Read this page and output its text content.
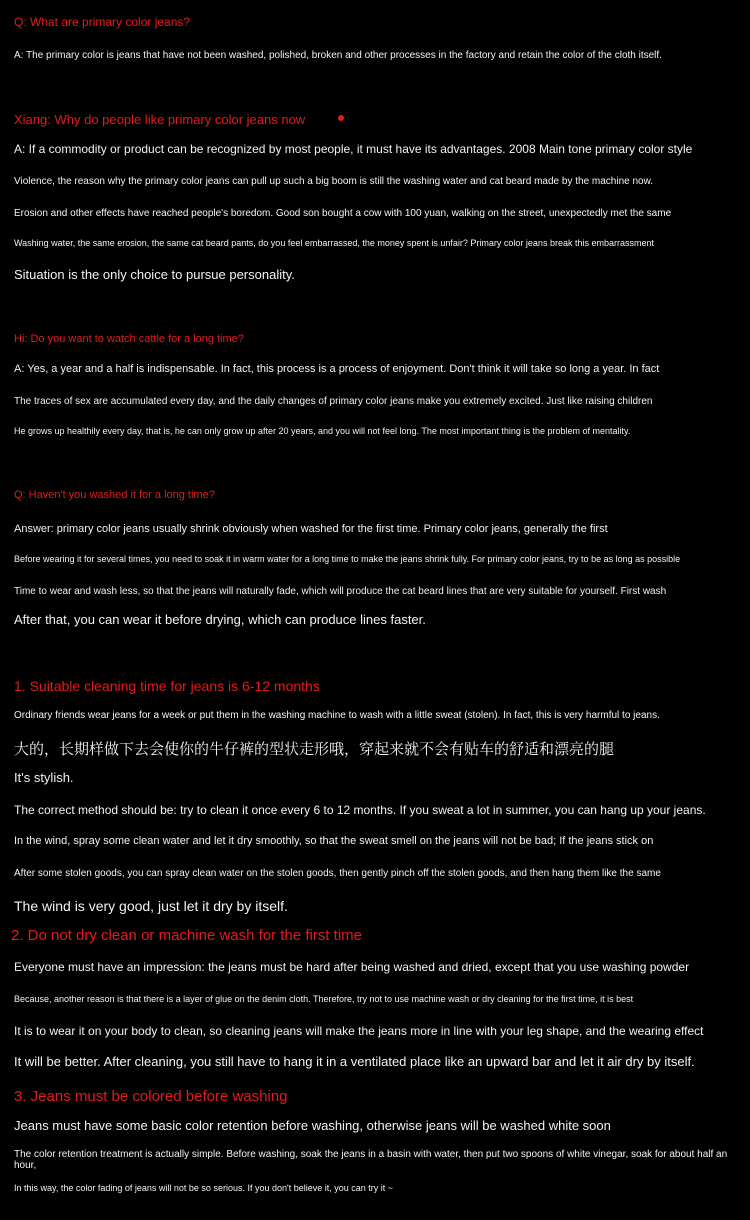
Q: What are primary color jeans?
A: The primary color is jeans that have not been washed, polished, broken and other processes in the factory and retain the color of the cloth itself.
Xiang: Why do people like primary color jeans now
A: If a commodity or product can be recognized by most people, it must have its advantages. 2008 Main tone primary color style
Violence, the reason why the primary color jeans can pull up such a big boom is still the washing water and cat beard made by the machine now.
Erosion and other effects have reached people's boredom. Good son bought a cow with 100 yuan, walking on the street, unexpectedly met the same
Washing water, the same erosion, the same cat beard pants, do you feel embarrassed, the money spent is unfair? Primary color jeans break this embarrassment
Situation is the only choice to pursue personality.
Hi: Do you want to watch cattle for a long time?
A: Yes, a year and a half is indispensable. In fact, this process is a process of enjoyment. Don't think it will take so long a year. In fact
The traces of sex are accumulated every day, and the daily changes of primary color jeans make you extremely excited. Just like raising children
He grows up healthily every day, that is, he can only grow up after 20 years, and you will not feel long. The most important thing is the problem of mentality.
Q: Haven't you washed it for a long time?
Answer: primary color jeans usually shrink obviously when washed for the first time. Primary color jeans, generally the first
Before wearing it for several times, you need to soak it in warm water for a long time to make the jeans shrink fully. For primary color jeans, try to be as long as possible
Time to wear and wash less, so that the jeans will naturally fade, which will produce the cat beard lines that are very suitable for yourself. First wash
After that, you can wear it before drying, which can produce lines faster.
1. Suitable cleaning time for jeans is 6-12 months
Ordinary friends wear jeans for a week or put them in the washing machine to wash with a little sweat (stolen). In fact, this is very harmful to jeans.
大的，长期样做下去会使你的牛仔裤的型状走形哦，穿起来就不会有贴车的舒适和漂亮的腿
It's stylish.
The correct method should be: try to clean it once every 6 to 12 months. If you sweat a lot in summer, you can hang up your jeans.
In the wind, spray some clean water and let it dry smoothly, so that the sweat smell on the jeans will not be bad; If the jeans stick on
After some stolen goods, you can spray clean water on the stolen goods, then gently pinch off the stolen goods, and then hang them like the same
The wind is very good, just let it dry by itself.
2. Do not dry clean or machine wash for the first time
Everyone must have an impression: the jeans must be hard after being washed and dried, except that you use washing powder
Because, another reason is that there is a layer of glue on the denim cloth. Therefore, try not to use machine wash or dry cleaning for the first time, it is best
It is to wear it on your body to clean, so cleaning jeans will make the jeans more in line with your leg shape, and the wearing effect
It will be better. After cleaning, you still have to hang it in a ventilated place like an upward bar and let it air dry by itself.
3. Jeans must be colored before washing
Jeans must have some basic color retention before washing, otherwise jeans will be washed white soon
The color retention treatment is actually simple. Before washing, soak the jeans in a basin with water, then put two spoons of white vinegar, soak for about half an hour,
In this way, the color fading of jeans will not be so serious. If you don't believe it, you can try it ~
